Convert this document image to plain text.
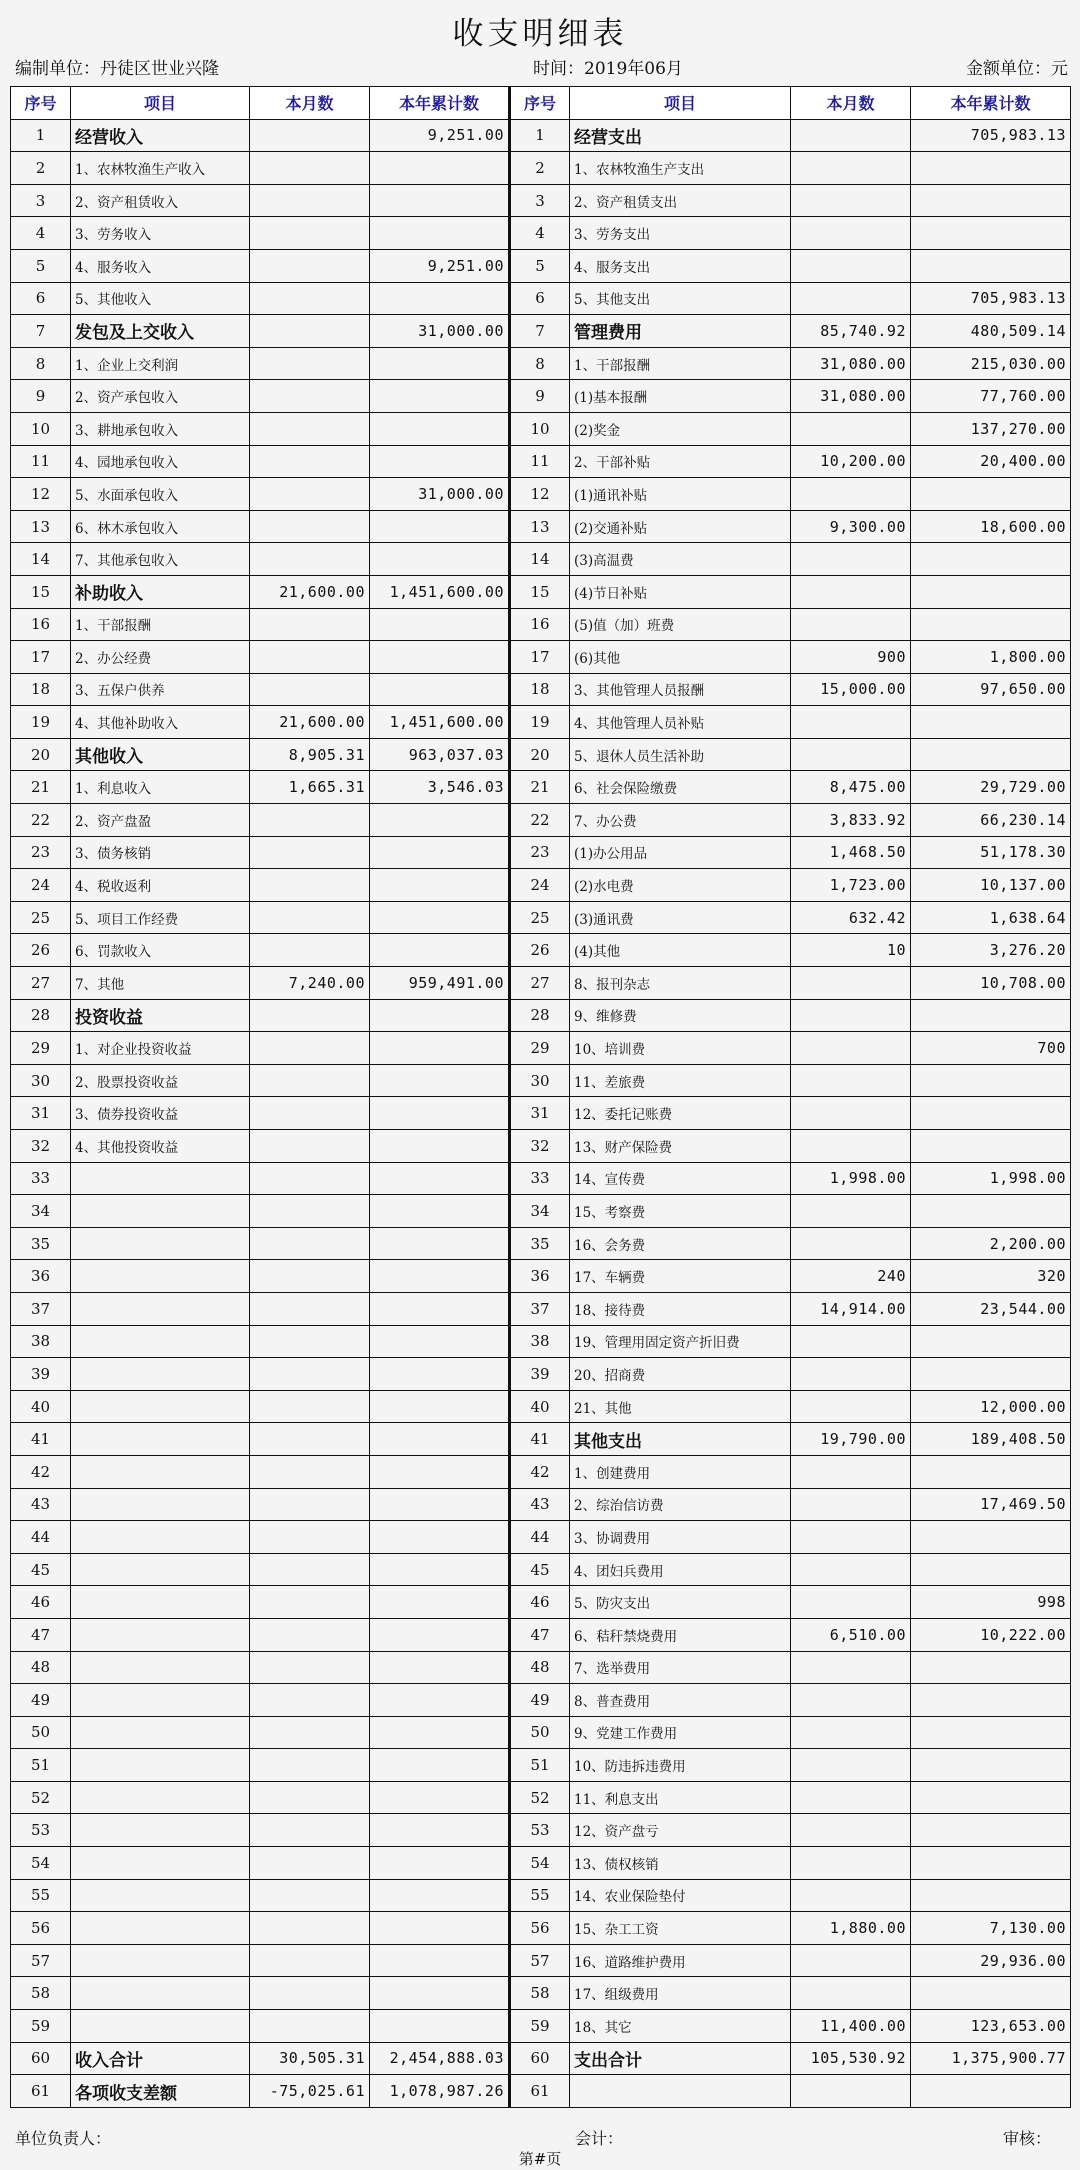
收支明细表
编制单位：丹徒区世业兴隆	时间：2019年06月	金额单位：元
序号	项目	本月数	本年累计数	序号	项目	本月数	本年累计数
1	经营收入		9,251.00	1	经营支出		705,983.13
2	1、农林牧渔生产收入			2	1、农林牧渔生产支出		
3	2、资产租赁收入			3	2、资产租赁支出		
4	3、劳务收入			4	3、劳务支出		
5	4、服务收入		9,251.00	5	4、服务支出		
6	5、其他收入			6	5、其他支出		705,983.13
7	发包及上交收入		31,000.00	7	管理费用	85,740.92	480,509.14
8	1、企业上交利润			8	1、干部报酬	31,080.00	215,030.00
9	2、资产承包收入			9	(1)基本报酬	31,080.00	77,760.00
10	3、耕地承包收入			10	(2)奖金		137,270.00
11	4、园地承包收入			11	2、干部补贴	10,200.00	20,400.00
12	5、水面承包收入		31,000.00	12	(1)通讯补贴		
13	6、林木承包收入			13	(2)交通补贴	9,300.00	18,600.00
14	7、其他承包收入			14	(3)高温费		
15	补助收入	21,600.00	1,451,600.00	15	(4)节日补贴		
16	1、干部报酬			16	(5)值（加）班费		
17	2、办公经费			17	(6)其他	900	1,800.00
18	3、五保户供养			18	3、其他管理人员报酬	15,000.00	97,650.00
19	4、其他补助收入	21,600.00	1,451,600.00	19	4、其他管理人员补贴		
20	其他收入	8,905.31	963,037.03	20	5、退休人员生活补助		
21	1、利息收入	1,665.31	3,546.03	21	6、社会保险缴费	8,475.00	29,729.00
22	2、资产盘盈			22	7、办公费	3,833.92	66,230.14
23	3、债务核销			23	(1)办公用品	1,468.50	51,178.30
24	4、税收返利			24	(2)水电费	1,723.00	10,137.00
25	5、项目工作经费			25	(3)通讯费	632.42	1,638.64
26	6、罚款收入			26	(4)其他	10	3,276.20
27	7、其他	7,240.00	959,491.00	27	8、报刊杂志		10,708.00
28	投资收益			28	9、维修费		
29	1、对企业投资收益			29	10、培训费		700
30	2、股票投资收益			30	11、差旅费		
31	3、债券投资收益			31	12、委托记账费		
32	4、其他投资收益			32	13、财产保险费		
33				33	14、宣传费	1,998.00	1,998.00
34				34	15、考察费		
35				35	16、会务费		2,200.00
36				36	17、车辆费	240	320
37				37	18、接待费	14,914.00	23,544.00
38				38	19、管理用固定资产折旧费		
39				39	20、招商费		
40				40	21、其他		12,000.00
41				41	其他支出	19,790.00	189,408.50
42				42	1、创建费用		
43				43	2、综治信访费		17,469.50
44				44	3、协调费用		
45				45	4、团妇兵费用		
46				46	5、防灾支出		998
47				47	6、秸秆禁烧费用	6,510.00	10,222.00
48				48	7、选举费用		
49				49	8、普查费用		
50				50	9、党建工作费用		
51				51	10、防违拆违费用		
52				52	11、利息支出		
53				53	12、资产盘亏		
54				54	13、债权核销		
55				55	14、农业保险垫付		
56				56	15、杂工工资	1,880.00	7,130.00
57				57	16、道路维护费用		29,936.00
58				58	17、组级费用		
59				59	18、其它	11,400.00	123,653.00
60	收入合计	30,505.31	2,454,888.03	60	支出合计	105,530.92	1,375,900.77
61	各项收支差额	-75,025.61	1,078,987.26	61			
单位负责人：	会计：	审核：
第#页
